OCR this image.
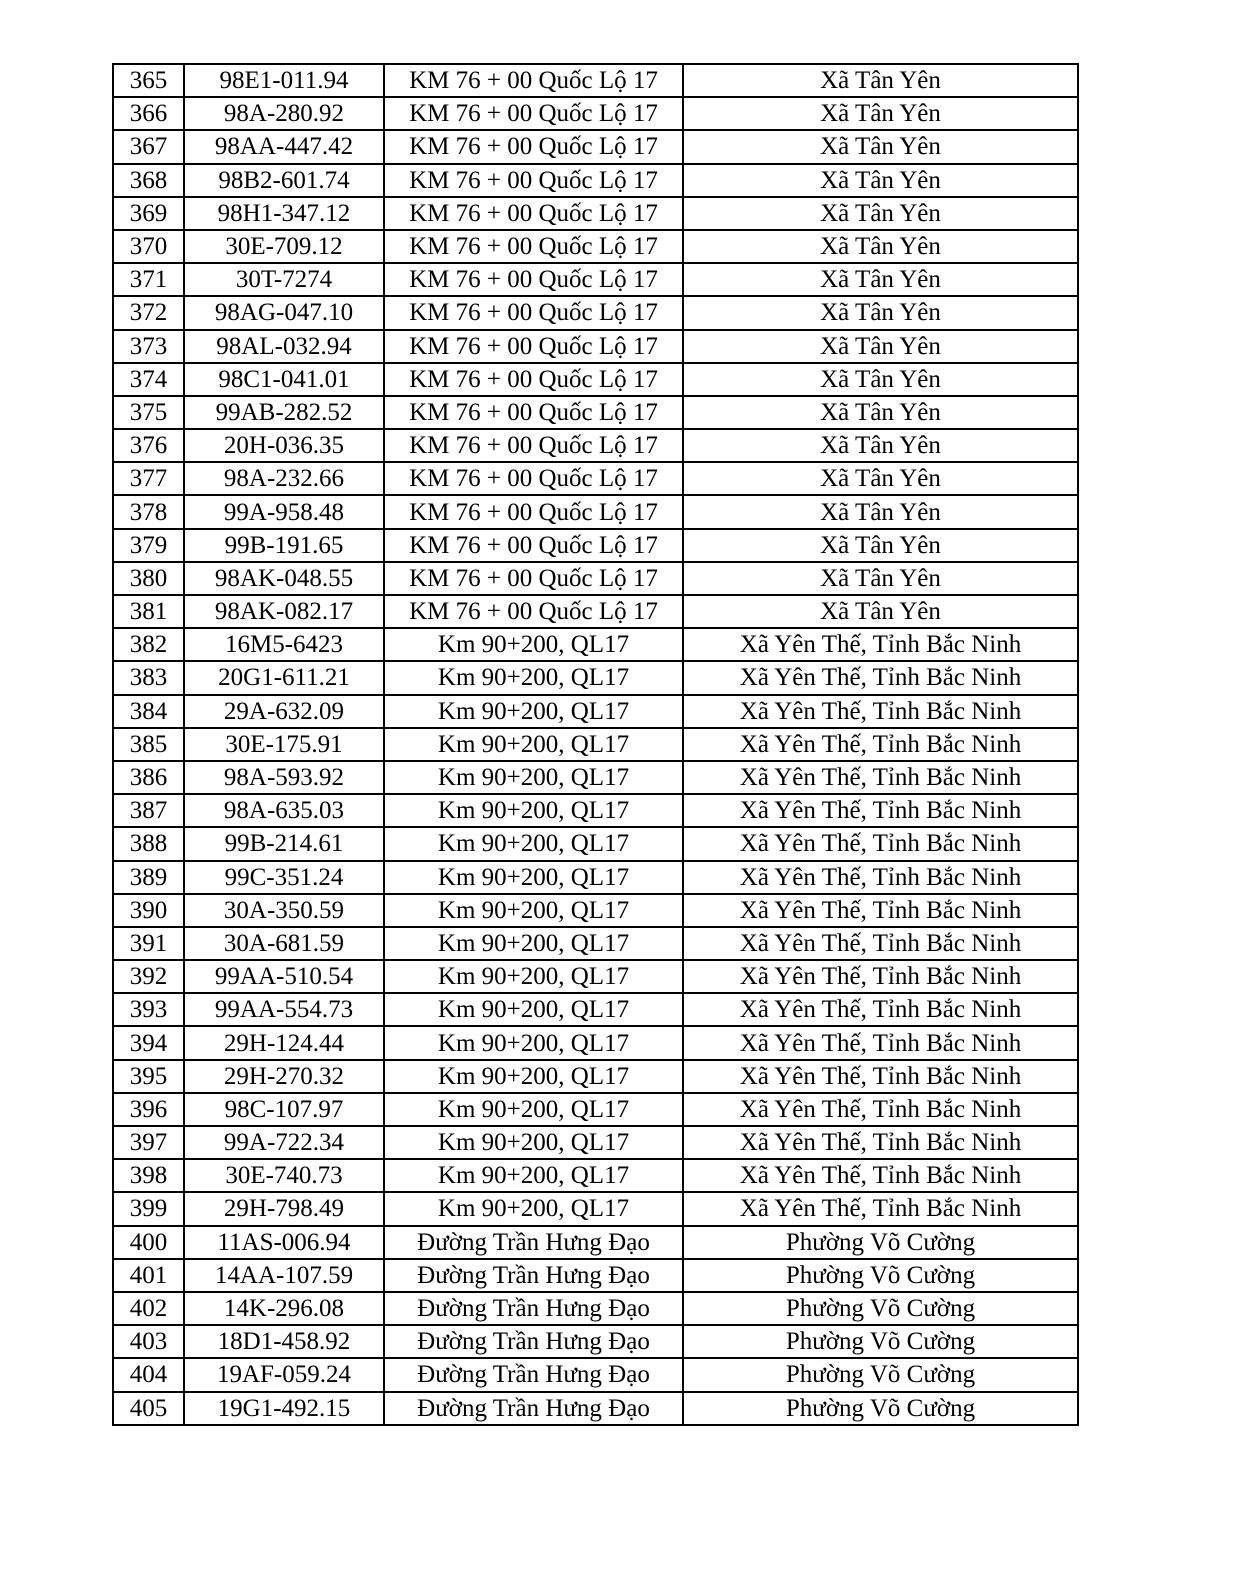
365	98E1-011.94	KM 76 + 00 Quốc Lộ 17	Xã Tân Yên
366	98A-280.92	KM 76 + 00 Quốc Lộ 17	Xã Tân Yên
367	98AA-447.42	KM 76 + 00 Quốc Lộ 17	Xã Tân Yên
368	98B2-601.74	KM 76 + 00 Quốc Lộ 17	Xã Tân Yên
369	98H1-347.12	KM 76 + 00 Quốc Lộ 17	Xã Tân Yên
370	30E-709.12	KM 76 + 00 Quốc Lộ 17	Xã Tân Yên
371	30T-7274	KM 76 + 00 Quốc Lộ 17	Xã Tân Yên
372	98AG-047.10	KM 76 + 00 Quốc Lộ 17	Xã Tân Yên
373	98AL-032.94	KM 76 + 00 Quốc Lộ 17	Xã Tân Yên
374	98C1-041.01	KM 76 + 00 Quốc Lộ 17	Xã Tân Yên
375	99AB-282.52	KM 76 + 00 Quốc Lộ 17	Xã Tân Yên
376	20H-036.35	KM 76 + 00 Quốc Lộ 17	Xã Tân Yên
377	98A-232.66	KM 76 + 00 Quốc Lộ 17	Xã Tân Yên
378	99A-958.48	KM 76 + 00 Quốc Lộ 17	Xã Tân Yên
379	99B-191.65	KM 76 + 00 Quốc Lộ 17	Xã Tân Yên
380	98AK-048.55	KM 76 + 00 Quốc Lộ 17	Xã Tân Yên
381	98AK-082.17	KM 76 + 00 Quốc Lộ 17	Xã Tân Yên
382	16M5-6423	Km 90+200, QL17	Xã Yên Thế, Tỉnh Bắc Ninh
383	20G1-611.21	Km 90+200, QL17	Xã Yên Thế, Tỉnh Bắc Ninh
384	29A-632.09	Km 90+200, QL17	Xã Yên Thế, Tỉnh Bắc Ninh
385	30E-175.91	Km 90+200, QL17	Xã Yên Thế, Tỉnh Bắc Ninh
386	98A-593.92	Km 90+200, QL17	Xã Yên Thế, Tỉnh Bắc Ninh
387	98A-635.03	Km 90+200, QL17	Xã Yên Thế, Tỉnh Bắc Ninh
388	99B-214.61	Km 90+200, QL17	Xã Yên Thế, Tỉnh Bắc Ninh
389	99C-351.24	Km 90+200, QL17	Xã Yên Thế, Tỉnh Bắc Ninh
390	30A-350.59	Km 90+200, QL17	Xã Yên Thế, Tỉnh Bắc Ninh
391	30A-681.59	Km 90+200, QL17	Xã Yên Thế, Tỉnh Bắc Ninh
392	99AA-510.54	Km 90+200, QL17	Xã Yên Thế, Tỉnh Bắc Ninh
393	99AA-554.73	Km 90+200, QL17	Xã Yên Thế, Tỉnh Bắc Ninh
394	29H-124.44	Km 90+200, QL17	Xã Yên Thế, Tỉnh Bắc Ninh
395	29H-270.32	Km 90+200, QL17	Xã Yên Thế, Tỉnh Bắc Ninh
396	98C-107.97	Km 90+200, QL17	Xã Yên Thế, Tỉnh Bắc Ninh
397	99A-722.34	Km 90+200, QL17	Xã Yên Thế, Tỉnh Bắc Ninh
398	30E-740.73	Km 90+200, QL17	Xã Yên Thế, Tỉnh Bắc Ninh
399	29H-798.49	Km 90+200, QL17	Xã Yên Thế, Tỉnh Bắc Ninh
400	11AS-006.94	Đường Trần Hưng Đạo	Phường Võ Cường
401	14AA-107.59	Đường Trần Hưng Đạo	Phường Võ Cường
402	14K-296.08	Đường Trần Hưng Đạo	Phường Võ Cường
403	18D1-458.92	Đường Trần Hưng Đạo	Phường Võ Cường
404	19AF-059.24	Đường Trần Hưng Đạo	Phường Võ Cường
405	19G1-492.15	Đường Trần Hưng Đạo	Phường Võ Cường
